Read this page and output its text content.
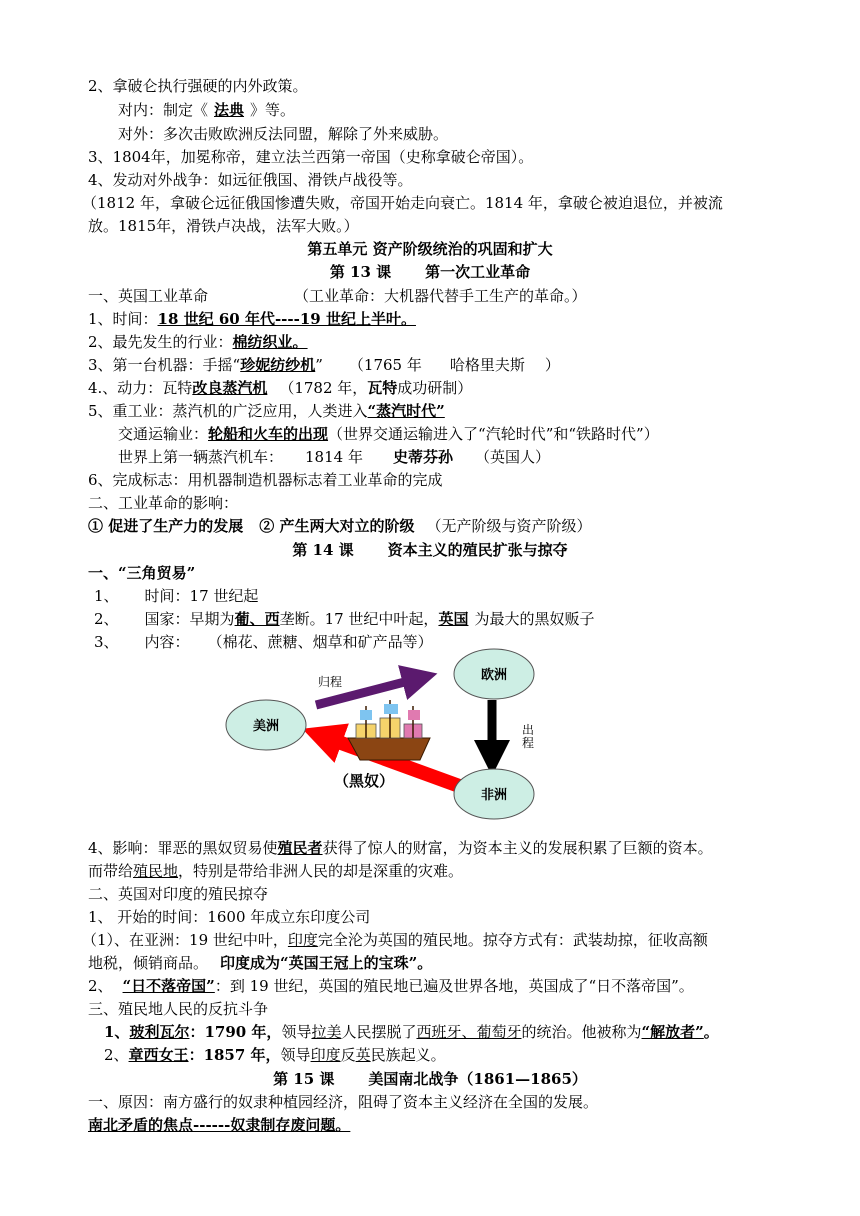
2、拿破仑执行强硬的内外政策。
对内：制定《 法典 》等。
对外：多次击败欧洲反法同盟，解除了外来威胁。
3、1804年，加冕称帝，建立法兰西第一帝国（史称拿破仑帝国）。
4、发动对外战争：如远征俄国、滑铁卢战役等。
（1812 年，拿破仑远征俄国惨遭失败，帝国开始走向衰亡。1814 年，拿破仑被迫退位，并被流
放。1815年，滑铁卢决战，法军大败。）
第五单元 资产阶级统治的巩固和扩大
第 13 课 第一次工业革命
一、英国工业革命	（工业革命：大机器代替手工生产的革命。）
1、时间：18 世纪 60 年代----19 世纪上半叶。
2、最先发生的行业：棉纺织业。
3、第一台机器：手摇“珍妮纺纱机” （1765 年 哈格里夫斯 ）
4.、动力：瓦特改良蒸汽机 （1782 年，瓦特成功研制）
5、重工业：蒸汽机的广泛应用，人类进入“蒸汽时代”
交通运输业：轮船和火车的出现（世界交通运输进入了“汽轮时代”和“铁路时代”）
世界上第一辆蒸汽机车： 1814 年 史蒂芬孙 （英国人）
6、完成标志：用机器制造机器标志着工业革命的完成
二、工业革命的影响：
① 促进了生产力的发展 ② 产生两大对立的阶级 （无产阶级与资产阶级）
第 14 课 资本主义的殖民扩张与掠夺
一、“三角贸易”
1、 时间：17 世纪起
2、 国家：早期为葡、西垄断。17 世纪中叶起，英国 为最大的黑奴贩子
3、 内容： （棉花、蔗糖、烟草和矿产品等）
美洲
欧洲
非洲
归程
出程
（黑奴）
4、影响：罪恶的黑奴贸易使殖民者获得了惊人的财富，为资本主义的发展积累了巨额的资本。
而带给殖民地，特别是带给非洲人民的却是深重的灾难。
二、英国对印度的殖民掠夺
1、 开始的时间：1600 年成立东印度公司
（1）、在亚洲：19 世纪中叶，印度完全沦为英国的殖民地。掠夺方式有：武装劫掠，征收高额
地税，倾销商品。 印度成为“英国王冠上的宝珠”。
2、 “日不落帝国”：到 19 世纪，英国的殖民地已遍及世界各地，英国成了“日不落帝国”。
三、殖民地人民的反抗斗争
1、玻利瓦尔：1790 年，领导拉美人民摆脱了西班牙、葡萄牙的统治。他被称为“解放者”。
2、章西女王：1857 年，领导印度反英民族起义。
第 15 课 美国南北战争（1861—1865）
一、原因：南方盛行的奴隶种植园经济，阻碍了资本主义经济在全国的发展。
南北矛盾的焦点------奴隶制存废问题。
